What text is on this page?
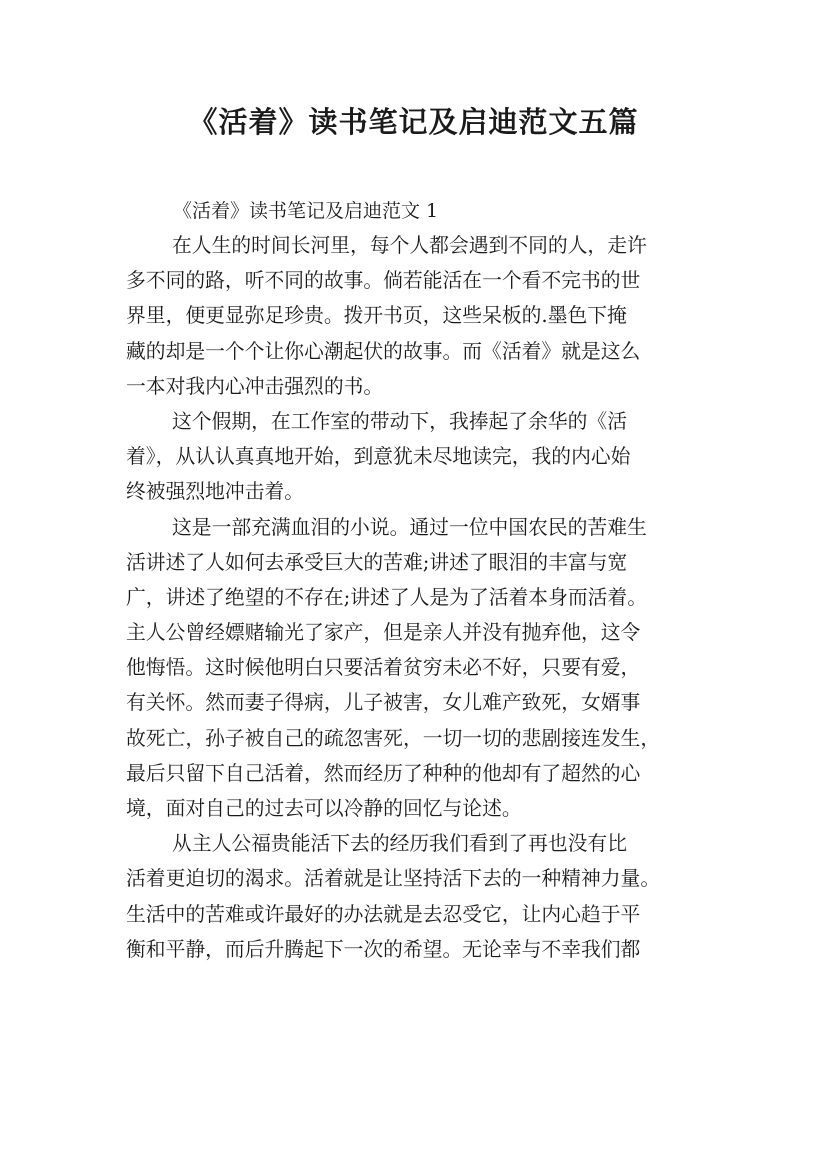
《活着》读书笔记及启迪范文五篇
《活着》读书笔记及启迪范文 1
在人生的时间长河里，每个人都会遇到不同的人，走许
多不同的路，听不同的故事。倘若能活在一个看不完书的世
界里，便更显弥足珍贵。拨开书页，这些呆板的.墨色下掩
藏的却是一个个让你心潮起伏的故事。而《活着》就是这么
一本对我内心冲击强烈的书。
这个假期，在工作室的带动下，我捧起了余华的《活
着》，从认认真真地开始，到意犹未尽地读完，我的内心始
终被强烈地冲击着。
这是一部充满血泪的小说。通过一位中国农民的苦难生
活讲述了人如何去承受巨大的苦难;讲述了眼泪的丰富与宽
广，讲述了绝望的不存在;讲述了人是为了活着本身而活着。
主人公曾经嫖赌输光了家产，但是亲人并没有抛弃他，这令
他悔悟。这时候他明白只要活着贫穷未必不好，只要有爱，
有关怀。然而妻子得病，儿子被害，女儿难产致死，女婿事
故死亡，孙子被自己的疏忽害死，一切一切的悲剧接连发生，
最后只留下自己活着，然而经历了种种的他却有了超然的心
境，面对自己的过去可以冷静的回忆与论述。
从主人公福贵能活下去的经历我们看到了再也没有比
活着更迫切的渴求。活着就是让坚持活下去的一种精神力量。
生活中的苦难或许最好的办法就是去忍受它，让内心趋于平
衡和平静，而后升腾起下一次的希望。无论幸与不幸我们都
